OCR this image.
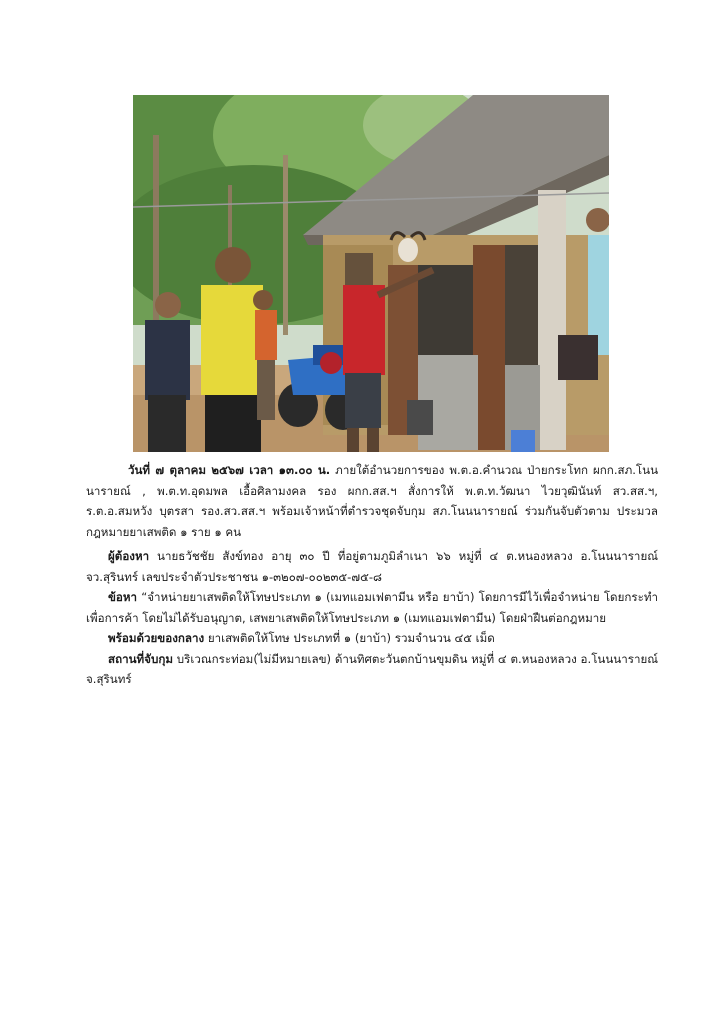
วันที่ ๗ ตุลาคม ๒๕๖๗ เวลา ๑๓.๐๐ น. ภายใต้อำนวยการของ พ.ต.อ.คำนวณ ป่ายกระโทก ผกก.สภ.โนนนารายณ์ , พ.ต.ท.อุดมพล เอื้อศิลามงคล รอง ผกก.สส.ฯ สั่งการให้ พ.ต.ท.วัฒนา ไวยวุฒินันท์ สว.สส.ฯ, ร.ต.อ.สมหวัง บุตรสา รอง.สว.สส.ฯ พร้อมเจ้าหน้าที่ตำรวจชุดจับกุม สภ.โนนนารายณ์ ร่วมกันจับตัวตาม ประมวลกฎหมายยาเสพติด ๑ ราย ๑ คน

ผู้ต้องหา นายธวัชชัย สังข์ทอง อายุ ๓๐ ปี ที่อยู่ตามภูมิลำเนา ๖๖ หมู่ที่ ๔ ต.หนองหลวง อ.โนนนารายณ์ จว.สุรินทร์ เลขประจำตัวประชาชน ๑-๓๒๐๗-๐๐๒๓๕-๗๕-๘

ข้อหา “จำหน่ายยาเสพติดให้โทษประเภท ๑ (เมทแอมเฟตามีน หรือ ยาบ้า) โดยการมีไว้เพื่อจำหน่าย โดยกระทำเพื่อการค้า โดยไม่ได้รับอนุญาต, เสพยาเสพติดให้โทษประเภท ๑ (เมทแอมเฟตามีน) โดยฝ่าฝืนต่อกฎหมาย

พร้อมด้วยของกลาง ยาเสพติดให้โทษ ประเภทที่ ๑ (ยาบ้า) รวมจำนวน ๔๕ เม็ด

สถานที่จับกุม บริเวณกระท่อม(ไม่มีหมายเลข) ด้านทิศตะวันตกบ้านขุมดิน หมู่ที่ ๔ ต.หนองหลวง อ.โนนนารายณ์ จ.สุรินทร์
